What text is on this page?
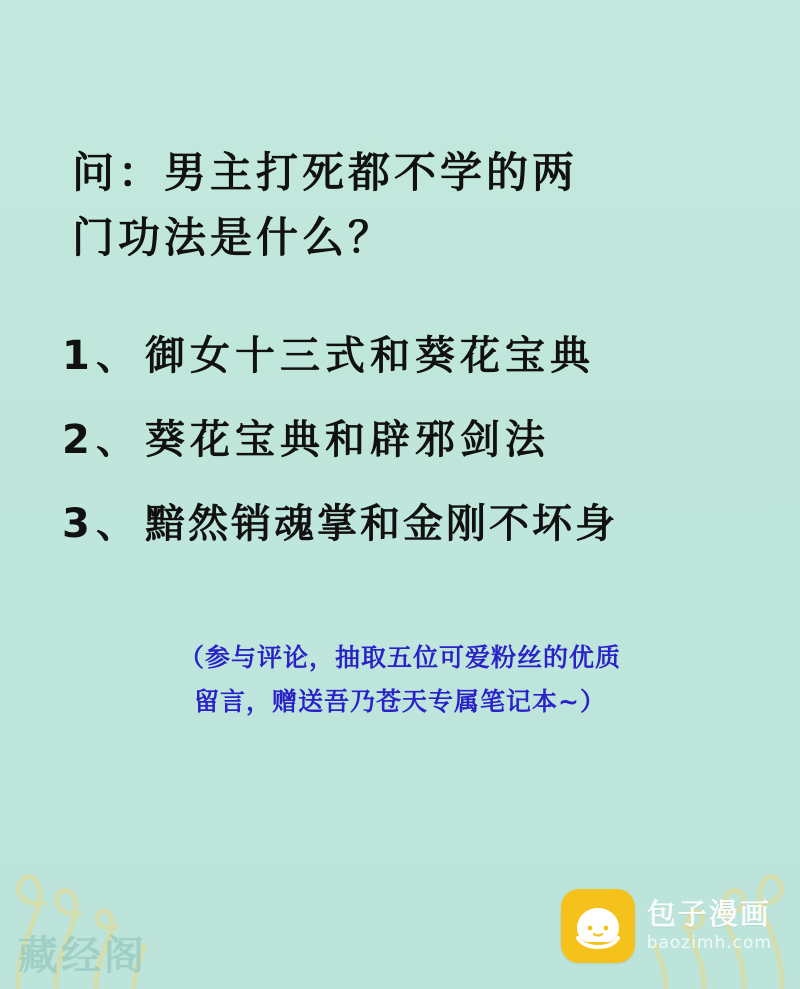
问：男主打死都不学的两
门功法是什么？
1、 御女十三式和葵花宝典
2、 葵花宝典和辟邪剑法
3、 黯然销魂掌和金刚不坏身
（参与评论，抽取五位可爱粉丝的优质
留言，赠送吾乃苍天专属笔记本~）
藏经阁
包子漫画
baozimh.com
